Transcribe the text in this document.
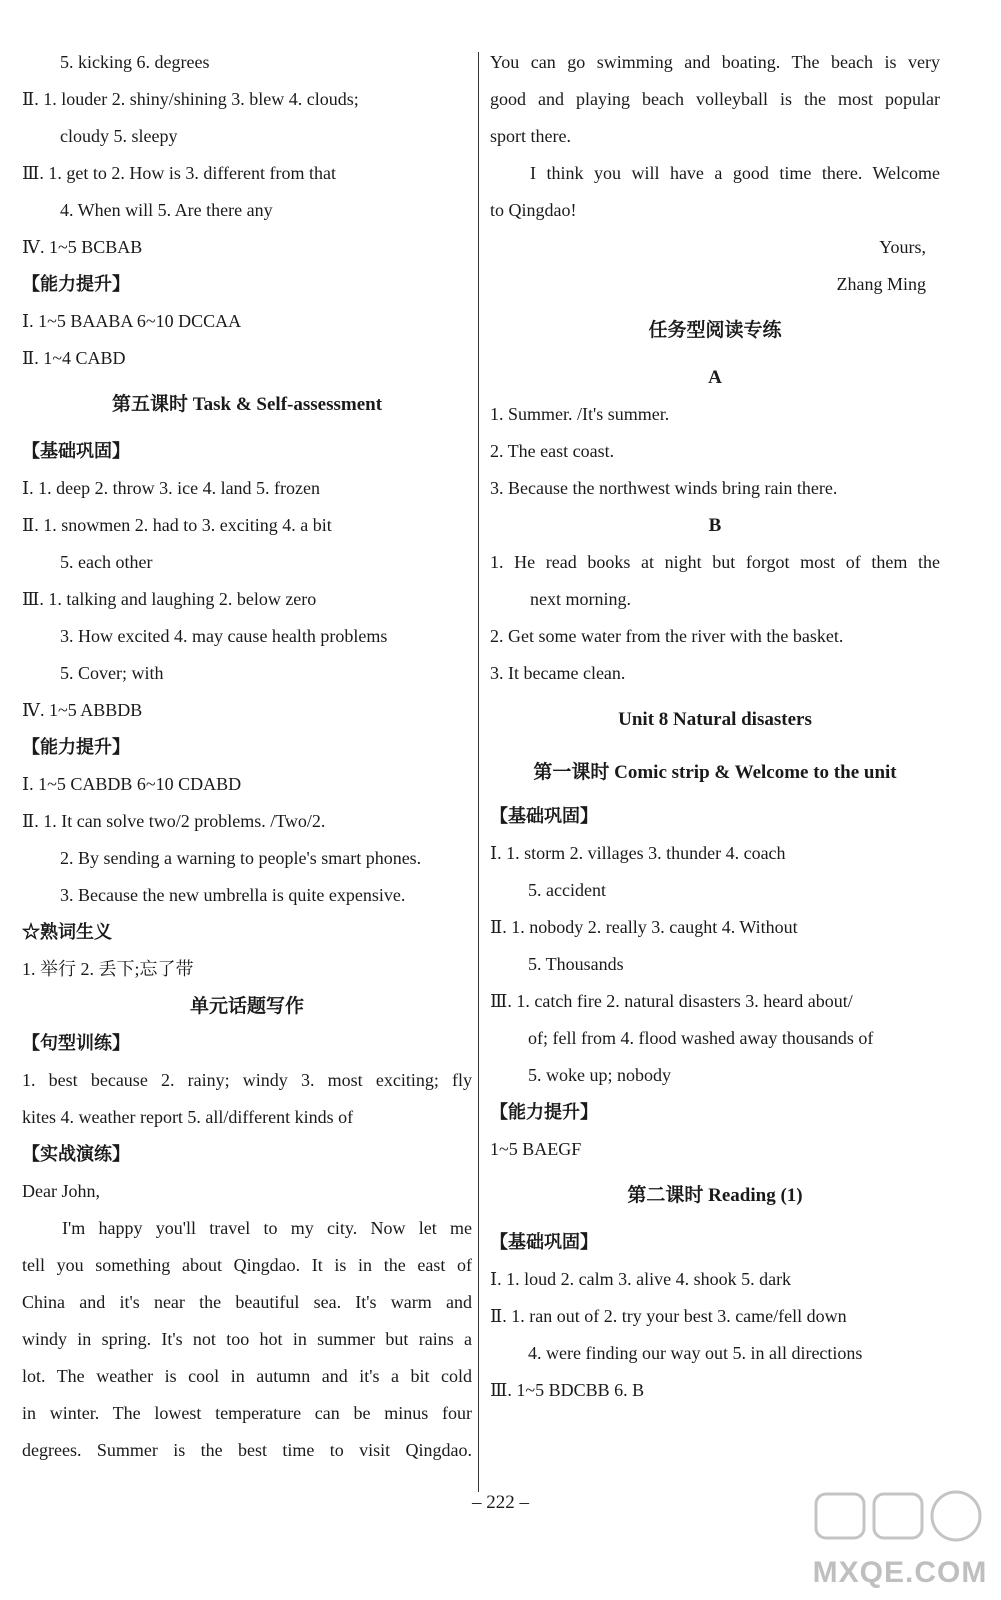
5. kicking 6. degrees
Ⅱ. 1. louder 2. shiny/shining 3. blew 4. clouds;
cloudy 5. sleepy
Ⅲ. 1. get to 2. How is 3. different from that
4. When will 5. Are there any
Ⅳ. 1~5 BCBAB
【能力提升】
Ⅰ. 1~5 BAABA 6~10 DCCAA
Ⅱ. 1~4 CABD
第五课时 Task & Self-assessment
【基础巩固】
Ⅰ. 1. deep 2. throw 3. ice 4. land 5. frozen
Ⅱ. 1. snowmen 2. had to 3. exciting 4. a bit
5. each other
Ⅲ. 1. talking and laughing 2. below zero
3. How excited 4. may cause health problems
5. Cover; with
Ⅳ. 1~5 ABBDB
【能力提升】
Ⅰ. 1~5 CABDB 6~10 CDABD
Ⅱ. 1. It can solve two/2 problems. /Two/2.
2. By sending a warning to people's smart phones.
3. Because the new umbrella is quite expensive.
☆熟词生义
1. 举行 2. 丢下;忘了带
单元话题写作
【句型训练】
1. best because 2. rainy; windy 3. most exciting; fly
kites 4. weather report 5. all/different kinds of
【实战演练】
Dear John,
I'm happy you'll travel to my city. Now let me
tell you something about Qingdao. It is in the east of
China and it's near the beautiful sea. It's warm and
windy in spring. It's not too hot in summer but rains a
lot. The weather is cool in autumn and it's a bit cold
in winter. The lowest temperature can be minus four
degrees. Summer is the best time to visit Qingdao.
You can go swimming and boating. The beach is very
good and playing beach volleyball is the most popular
sport there.
I think you will have a good time there. Welcome
to Qingdao!
Yours,
Zhang Ming
任务型阅读专练
A
1. Summer. /It's summer.
2. The east coast.
3. Because the northwest winds bring rain there.
B
1. He read books at night but forgot most of them the
next morning.
2. Get some water from the river with the basket.
3. It became clean.
Unit 8 Natural disasters
第一课时 Comic strip & Welcome to the unit
【基础巩固】
Ⅰ. 1. storm 2. villages 3. thunder 4. coach
5. accident
Ⅱ. 1. nobody 2. really 3. caught 4. Without
5. Thousands
Ⅲ. 1. catch fire 2. natural disasters 3. heard about/
of; fell from 4. flood washed away thousands of
5. woke up; nobody
【能力提升】
1~5 BAEGF
第二课时 Reading (1)
【基础巩固】
Ⅰ. 1. loud 2. calm 3. alive 4. shook 5. dark
Ⅱ. 1. ran out of 2. try your best 3. came/fell down
4. were finding our way out 5. in all directions
Ⅲ. 1~5 BDCBB 6. B
– 222 –
MXQE.COM
